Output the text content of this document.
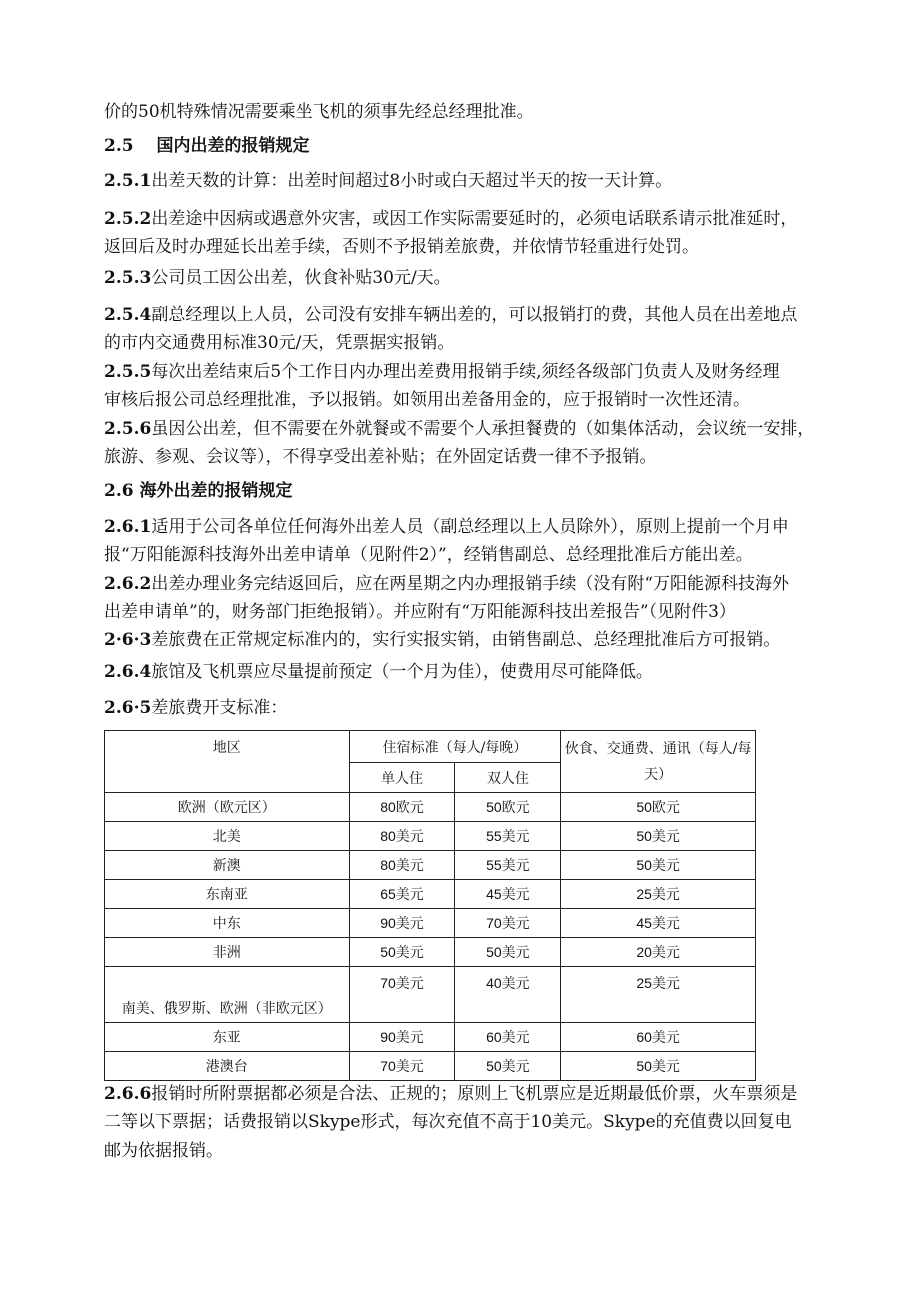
价的50机特殊情况需要乘坐飞机的须事先经总经理批准。
2.5　 国内出差的报销规定
2.5.1出差天数的计算：出差时间超过8小时或白天超过半天的按一天计算。
2.5.2出差途中因病或遇意外灾害，或因工作实际需要延时的，必须电话联系请示批准延时，
返回后及时办理延长出差手续，否则不予报销差旅费，并依情节轻重进行处罚。
2.5.3公司员工因公出差，伙食补贴30元/天。
2.5.4副总经理以上人员，公司没有安排车辆出差的，可以报销打的费，其他人员在出差地点
的市内交通费用标准30元/天，凭票据实报销。
2.5.5每次出差结束后5个工作日内办理出差费用报销手续,须经各级部门负责人及财务经理
审核后报公司总经理批准，予以报销。如领用出差备用金的，应于报销时一次性还清。
2.5.6虽因公出差，但不需要在外就餐或不需要个人承担餐费的（如集体活动，会议统一安排，
旅游、参观、会议等），不得享受出差补贴；在外固定话费一律不予报销。
2.6 海外出差的报销规定
2.6.1适用于公司各单位任何海外出差人员（副总经理以上人员除外），原则上提前一个月申
报“万阳能源科技海外出差申请单（见附件2）”，经销售副总、总经理批准后方能出差。
2.6.2出差办理业务完结返回后，应在两星期之内办理报销手续（没有附“万阳能源科技海外
出差申请单”的，财务部门拒绝报销）。并应附有“万阳能源科技出差报告”（见附件3）
2·6·3差旅费在正常规定标准内的，实行实报实销，由销售副总、总经理批准后方可报销。
2.6.4旅馆及飞机票应尽量提前预定（一个月为佳），使费用尽可能降低。
2.6·5差旅费开支标准：
地区	住宿标准（每人/每晚）		伙食、交通费、通讯（每人/每天）
	单人住	双人住	
欧洲（欧元区）	80欧元	50欧元	50欧元
北美	80美元	55美元	50美元
新澳	80美元	55美元	50美元
东南亚	65美元	45美元	25美元
中东	90美元	70美元	45美元
非洲	50美元	50美元	20美元
南美、俄罗斯、欧洲（非欧元区）	70美元	40美元	25美元
东亚	90美元	60美元	60美元
港澳台	70美元	50美元	50美元
2.6.6报销时所附票据都必须是合法、正规的；原则上飞机票应是近期最低价票，火车票须是
二等以下票据；话费报销以Skype形式，每次充值不高于10美元。Skype的充值费以回复电
邮为依据报销。
